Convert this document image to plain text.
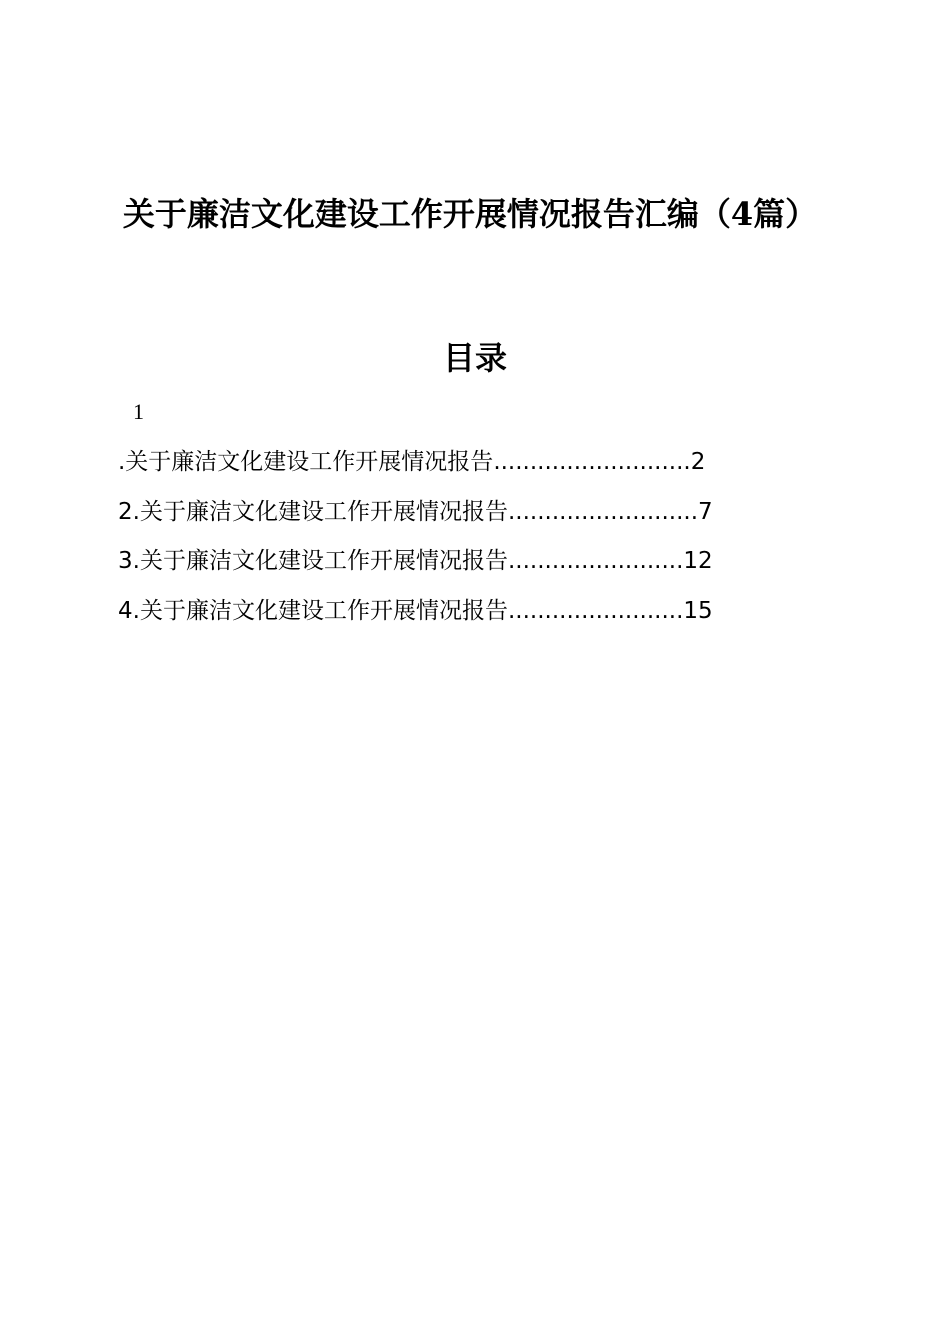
关于廉洁文化建设工作开展情况报告汇编（4篇）
目录
1
.关于廉洁文化建设工作开展情况报告...........................2
2.关于廉洁文化建设工作开展情况报告..........................7
3.关于廉洁文化建设工作开展情况报告........................12
4.关于廉洁文化建设工作开展情况报告........................15
